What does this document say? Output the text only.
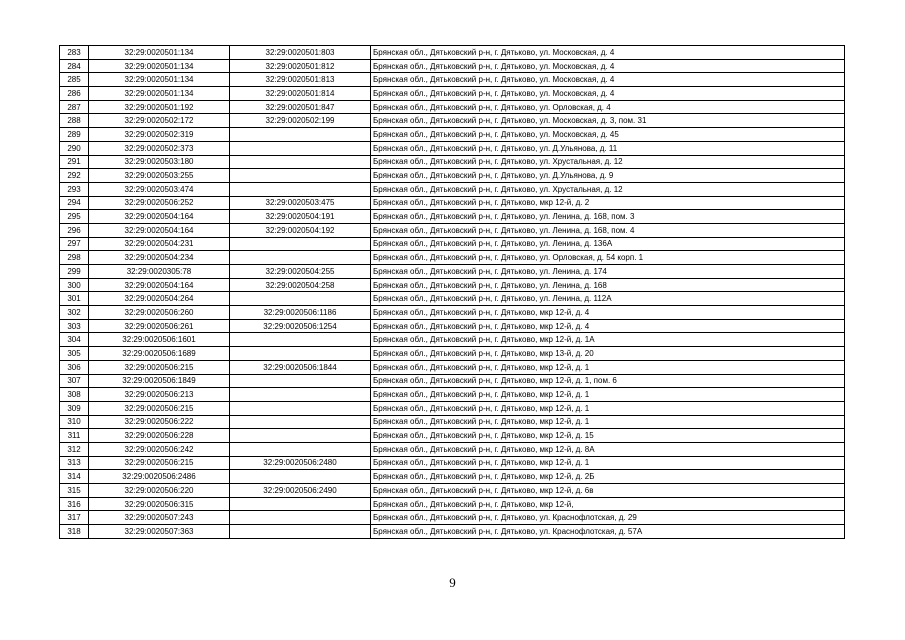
283	32:29:0020501:134	32:29:0020501:803	Брянская обл., Дятьковский р-н, г. Дятьково, ул. Московская, д. 4
284	32:29:0020501:134	32:29:0020501:812	Брянская обл., Дятьковский р-н, г. Дятьково, ул. Московская, д. 4
285	32:29:0020501:134	32:29:0020501:813	Брянская обл., Дятьковский р-н, г. Дятьково, ул. Московская, д. 4
286	32:29:0020501:134	32:29:0020501:814	Брянская обл., Дятьковский р-н, г. Дятьково, ул. Московская, д. 4
287	32:29:0020501:192	32:29:0020501:847	Брянская обл., Дятьковский р-н, г. Дятьково, ул. Орловская, д. 4
288	32:29:0020502:172	32:29:0020502:199	Брянская обл., Дятьковский р-н, г. Дятьково, ул. Московская, д. 3, пом. 31
289	32:29:0020502:319		Брянская обл., Дятьковский р-н, г. Дятьково, ул. Московская, д. 45
290	32:29:0020502:373		Брянская обл., Дятьковский р-н, г. Дятьково, ул. Д.Ульянова, д. 11
291	32:29:0020503:180		Брянская обл., Дятьковский р-н, г. Дятьково, ул. Хрустальная, д. 12
292	32:29:0020503:255		Брянская обл., Дятьковский р-н, г. Дятьково, ул. Д.Ульянова, д. 9
293	32:29:0020503:474		Брянская обл., Дятьковский р-н, г. Дятьково, ул. Хрустальная, д. 12
294	32:29:0020506:252	32:29:0020503:475	Брянская обл., Дятьковский р-н, г. Дятьково, мкр 12-й, д. 2
295	32:29:0020504:164	32:29:0020504:191	Брянская обл., Дятьковский р-н, г. Дятьково, ул. Ленина, д. 168, пом. 3
296	32:29:0020504:164	32:29:0020504:192	Брянская обл., Дятьковский р-н, г. Дятьково, ул. Ленина, д. 168, пом. 4
297	32:29:0020504:231		Брянская обл., Дятьковский р-н, г. Дятьково, ул. Ленина, д. 136А
298	32:29:0020504:234		Брянская обл., Дятьковский р-н, г. Дятьково, ул. Орловская, д. 54 корп. 1
299	32:29:0020305:78	32:29:0020504:255	Брянская обл., Дятьковский р-н, г. Дятьково, ул. Ленина, д. 174
300	32:29:0020504:164	32:29:0020504:258	Брянская обл., Дятьковский р-н, г. Дятьково, ул. Ленина, д. 168
301	32:29:0020504:264		Брянская обл., Дятьковский р-н, г. Дятьково, ул. Ленина, д. 112А
302	32:29:0020506:260	32:29:0020506:1186	Брянская обл., Дятьковский р-н, г. Дятьково, мкр 12-й, д. 4
303	32:29:0020506:261	32:29:0020506:1254	Брянская обл., Дятьковский р-н, г. Дятьково, мкр 12-й, д. 4
304	32:29:0020506:1601		Брянская обл., Дятьковский р-н, г. Дятьково, мкр 12-й, д. 1А
305	32:29:0020506:1689		Брянская обл., Дятьковский р-н, г. Дятьково, мкр 13-й, д. 20
306	32:29:0020506:215	32:29:0020506:1844	Брянская обл., Дятьковский р-н, г. Дятьково, мкр 12-й, д. 1
307	32:29:0020506:1849		Брянская обл., Дятьковский р-н, г. Дятьково, мкр 12-й, д. 1, пом. 6
308	32:29:0020506:213		Брянская обл., Дятьковский р-н, г. Дятьково, мкр 12-й, д. 1
309	32:29:0020506:215		Брянская обл., Дятьковский р-н, г. Дятьково, мкр 12-й, д. 1
310	32:29:0020506:222		Брянская обл., Дятьковский р-н, г. Дятьково, мкр 12-й, д. 1
311	32:29:0020506:228		Брянская обл., Дятьковский р-н, г. Дятьково, мкр 12-й, д. 15
312	32:29:0020506:242		Брянская обл., Дятьковский р-н, г. Дятьково, мкр 12-й, д. 8А
313	32:29:0020506:215	32:29:0020506:2480	Брянская обл., Дятьковский р-н, г. Дятьково, мкр 12-й, д. 1
314	32:29:0020506:2486		Брянская обл., Дятьковский р-н, г. Дятьково, мкр 12-й, д. 2Б
315	32:29:0020506:220	32:29:0020506:2490	Брянская обл., Дятьковский р-н, г. Дятьково, мкр 12-й, д. 6в
316	32:29:0020506:315		Брянская обл., Дятьковский р-н, г. Дятьково, мкр 12-й,
317	32:29:0020507:243		Брянская обл., Дятьковский р-н, г. Дятьково, ул. Краснофлотская, д. 29
318	32:29:0020507:363		Брянская обл., Дятьковский р-н, г. Дятьково, ул. Краснофлотская, д. 57А
9
